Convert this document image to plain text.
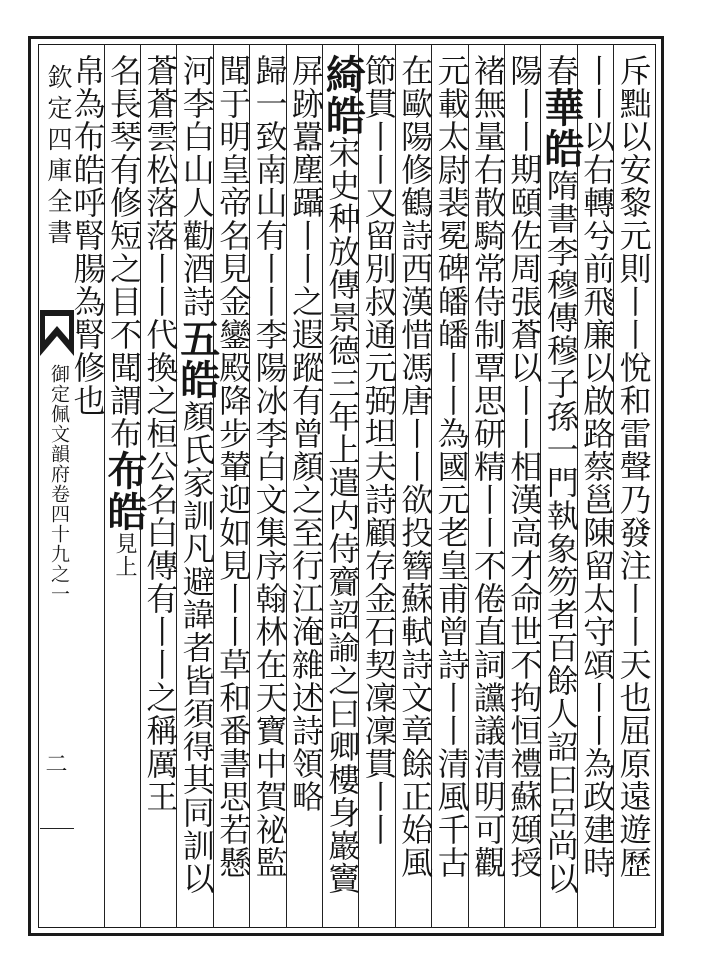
欽定四庫全書
御定佩文韻府卷四十九之一
二	斥黜以安黎元則丨丨悅和雷聲乃發注丨丨天也屈原遠遊歷
丨丨以右轉兮前飛廉以啟路蔡邕陳留太守頌丨丨為政建時
春華皓隋書李穆傳穆子孫一門執象笏者百餘人詔曰呂尚以
陽丨丨期頤佐周張蒼以丨丨相漢高才命世不拘恒禮蘇頲授
褚無量右散騎常侍制覃思研精丨丨不倦直詞讜議清明可觀
元載太尉裴冕碑皤皤丨丨為國元老皇甫曾詩丨丨清風千古
在歐陽修鶴詩西漢惜馮唐丨丨欲投簪蘇軾詩文章餘正始風
節貫丨丨又留別叔通元弼坦夫詩顧存金石契凜凜貫丨丨
綺皓宋史种放傳景德三年上遣内侍齎詔諭之曰卿樓身巖竇
屏跡囂塵躡丨丨之遐蹤有曾顏之至行江淹雜述詩領略
歸一致南山有丨丨李陽冰李白文集序翰林在天寶中賀祕監
聞于明皇帝名見金鑾殿降步輦迎如見丨丨草和番書思若懸
河李白山人勸酒詩五皓顏氏家訓凡避諱者皆須得其同訓以
蒼蒼雲松落落丨丨代換之桓公名白傳有丨丨之稱厲王
名長琴有修短之目不聞謂布布皓見上
帛為布皓呼腎腸為腎修也
